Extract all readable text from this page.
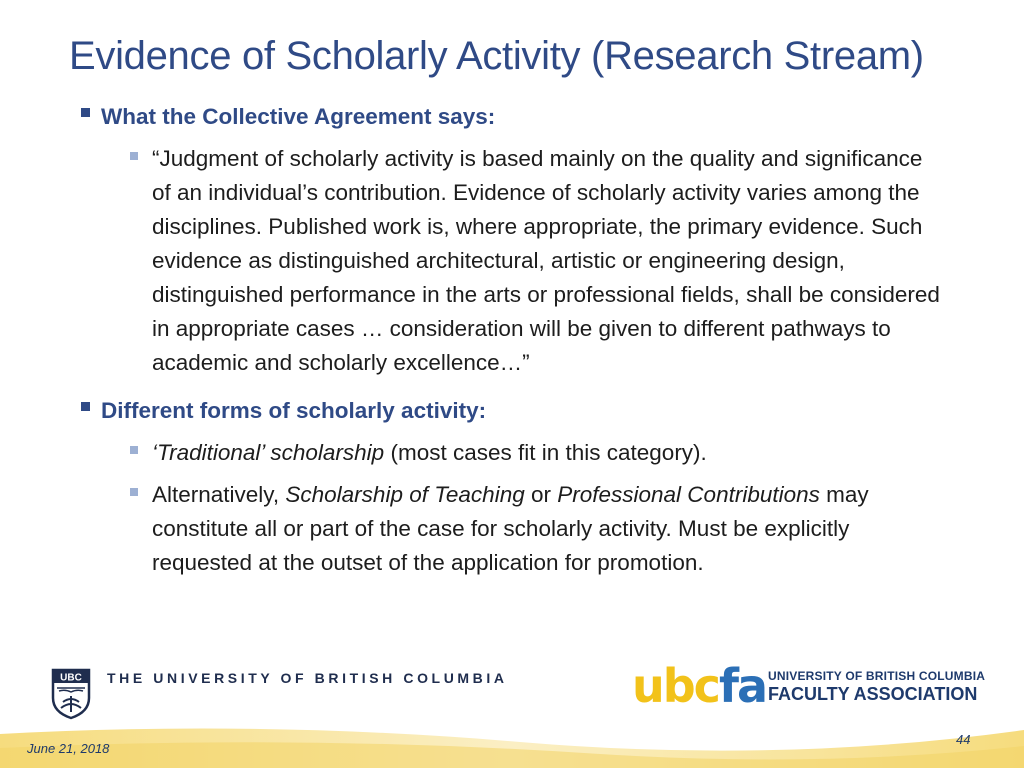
Evidence of Scholarly Activity (Research Stream)
What the Collective Agreement says:
“Judgment of scholarly activity is based mainly on the quality and significance of an individual’s contribution. Evidence of scholarly activity varies among the disciplines. Published work is, where appropriate, the primary evidence. Such evidence as distinguished architectural, artistic or engineering design, distinguished performance in the arts or professional fields, shall be considered in appropriate cases … consideration will be given to different pathways to academic and scholarly excellence…”
Different forms of scholarly activity:
‘Traditional’ scholarship (most cases fit in this category).
Alternatively, Scholarship of Teaching or Professional Contributions may constitute all or part of the case for scholarly activity. Must be explicitly requested at the outset of the application for promotion.
UBC THE UNIVERSITY OF BRITISH COLUMBIA	ubcfa UNIVERSITY OF BRITISH COLUMBIA
FACULTY ASSOCIATION
June 21, 2018
44
